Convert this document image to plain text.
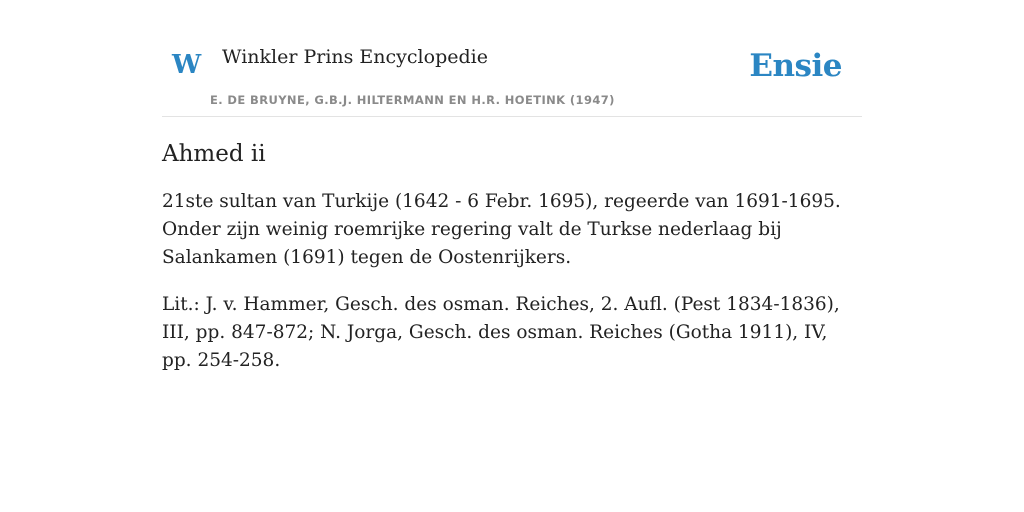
W Winkler Prins Encyclopedie
E. DE BRUYNE, G.B.J. HILTERMANN EN H.R. HOETINK (1947)
Ensie
Ahmed ii

21ste sultan van Turkije (1642 - 6 Febr. 1695), regeerde van 1691-1695. Onder zijn weinig roemrijke regering valt de Turkse nederlaag bij Salankamen (1691) tegen de Oostenrijkers.

Lit.: J. v. Hammer, Gesch. des osman. Reiches, 2. Aufl. (Pest 1834-1836), III, pp. 847-872; N. Jorga, Gesch. des osman. Reiches (Gotha 1911), IV, pp. 254-258.
